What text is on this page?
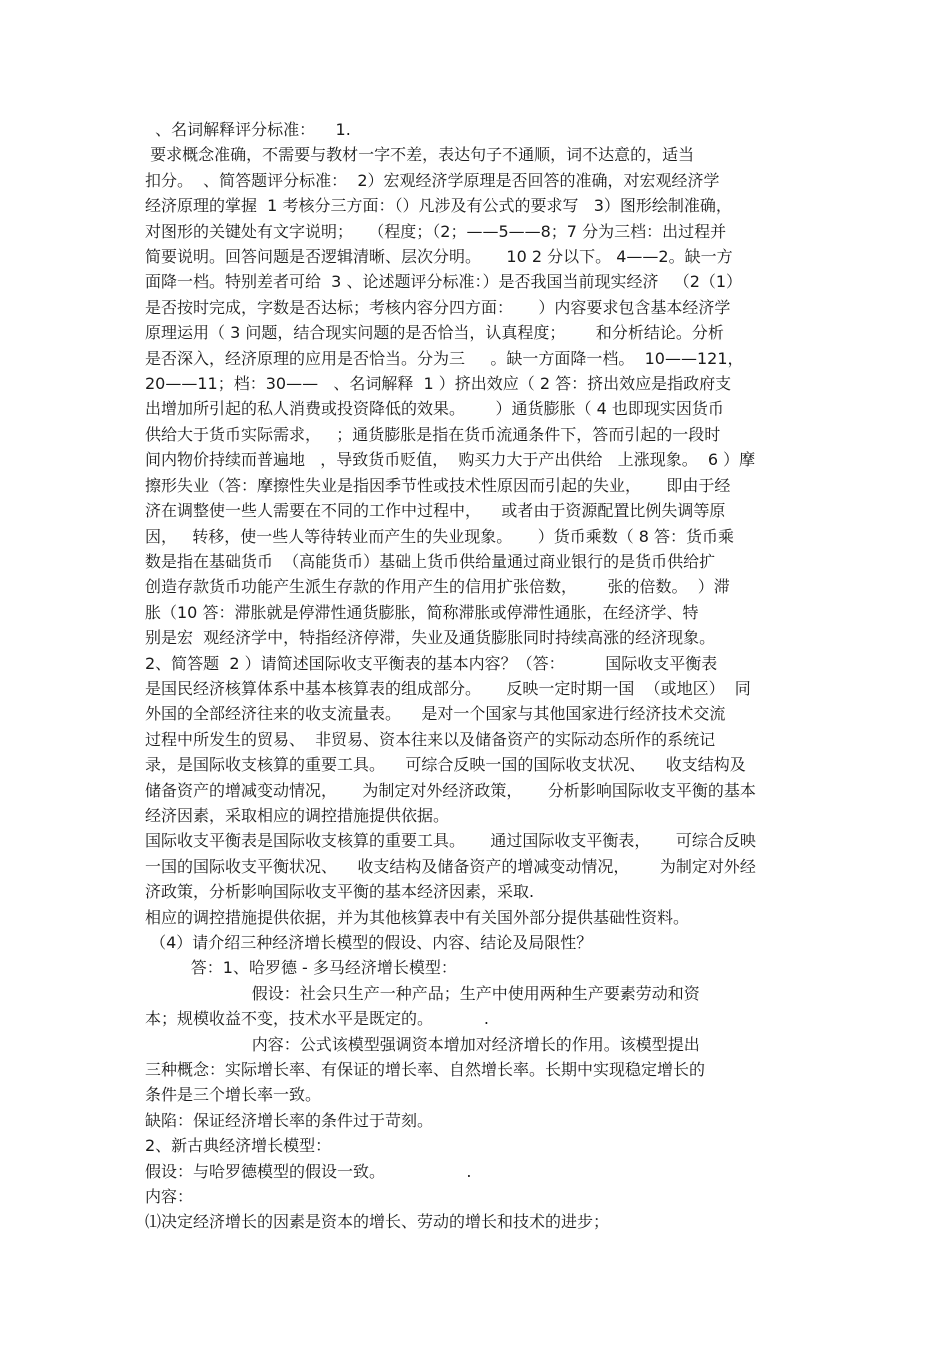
、名词解释评分标准：    1.
要求概念准确，不需要与教材一字不差，表达句子不通顺，词不达意的，适当
扣分。  、简答题评分标准：  2）宏观经济学原理是否回答的准确，对宏观经济学
经济原理的掌握  1 考核分三方面：（）凡涉及有公式的要求写   3）图形绘制准确，
对图形的关键处有文字说明；   （程度；（2；——5——8；7 分为三档：出过程并
简要说明。回答问题是否逻辑清晰、层次分明。     10 2 分以下。 4——2。缺一方
面降一档。特别差者可给  3 、论述题评分标准：）是否我国当前现实经济   （2（1）
是否按时完成，字数是否达标；考核内容分四方面：     ）内容要求包含基本经济学
原理运用（ 3 问题，结合现实问题的是否恰当，认真程度；      和分析结论。分析
是否深入，经济原理的应用是否恰当。分为三     。缺一方面降一档。  10——121，
20——11；档：30——   、名词解释  1 ）挤出效应（ 2 答：挤出效应是指政府支
出增加所引起的私人消费或投资降低的效果。      ）通货膨胀（ 4 也即现实因货币
供给大于货币实际需求，   ；通货膨胀是指在货币流通条件下，答而引起的一段时
间内物价持续而普遍地   ，导致货币贬值，  购买力大于产出供给   上涨现象。  6 ）摩
擦形失业（答：摩擦性失业是指因季节性或技术性原因而引起的失业，     即由于经
济在调整使一些人需要在不同的工作中过程中，    或者由于资源配置比例失调等原
因，   转移，使一些人等待转业而产生的失业现象。     ）货币乘数（ 8 答：货币乘
数是指在基础货币  （高能货币）基础上货币供给量通过商业银行的是货币供给扩
创造存款货币功能产生派生存款的作用产生的信用扩张倍数，      张的倍数。  ）滞
胀（10 答：滞胀就是停滞性通货膨胀，简称滞胀或停滞性通胀，在经济学、特
别是宏  观经济学中，特指经济停滞，失业及通货膨胀同时持续高涨的经济现象。
2、简答题  2 ）请简述国际收支平衡表的基本内容？（答：        国际收支平衡表
是国民经济核算体系中基本核算表的组成部分。     反映一定时期一国  （或地区）  同
外国的全部经济往来的收支流量表。    是对一个国家与其他国家进行经济技术交流
过程中所发生的贸易、  非贸易、资本往来以及储备资产的实际动态所作的系统记
录，是国际收支核算的重要工具。    可综合反映一国的国际收支状况、    收支结构及
储备资产的增减变动情况，     为制定对外经济政策，     分析影响国际收支平衡的基本
经济因素，采取相应的调控措施提供依据。
国际收支平衡表是国际收支核算的重要工具。     通过国际收支平衡表，     可综合反映
一国的国际收支平衡状况、    收支结构及储备资产的增减变动情况，      为制定对外经
济政策，分析影响国际收支平衡的基本经济因素，采取.
相应的调控措施提供依据，并为其他核算表中有关国外部分提供基础性资料。
（4）请介绍三种经济增长模型的假设、内容、结论及局限性？
答：1、哈罗德 - 多马经济增长模型：
假设：社会只生产一种产品；生产中使用两种生产要素劳动和资
本；规模收益不变，技术水平是既定的。          .
内容：公式该模型强调资本增加对经济增长的作用。该模型提出
三种概念：实际增长率、有保证的增长率、自然增长率。长期中实现稳定增长的
条件是三个增长率一致。
缺陷：保证经济增长率的条件过于苛刻。
2、新古典经济增长模型：
假设：与哈罗德模型的假设一致。                .
内容：
⑴决定经济增长的因素是资本的增长、劳动的增长和技术的进步；
